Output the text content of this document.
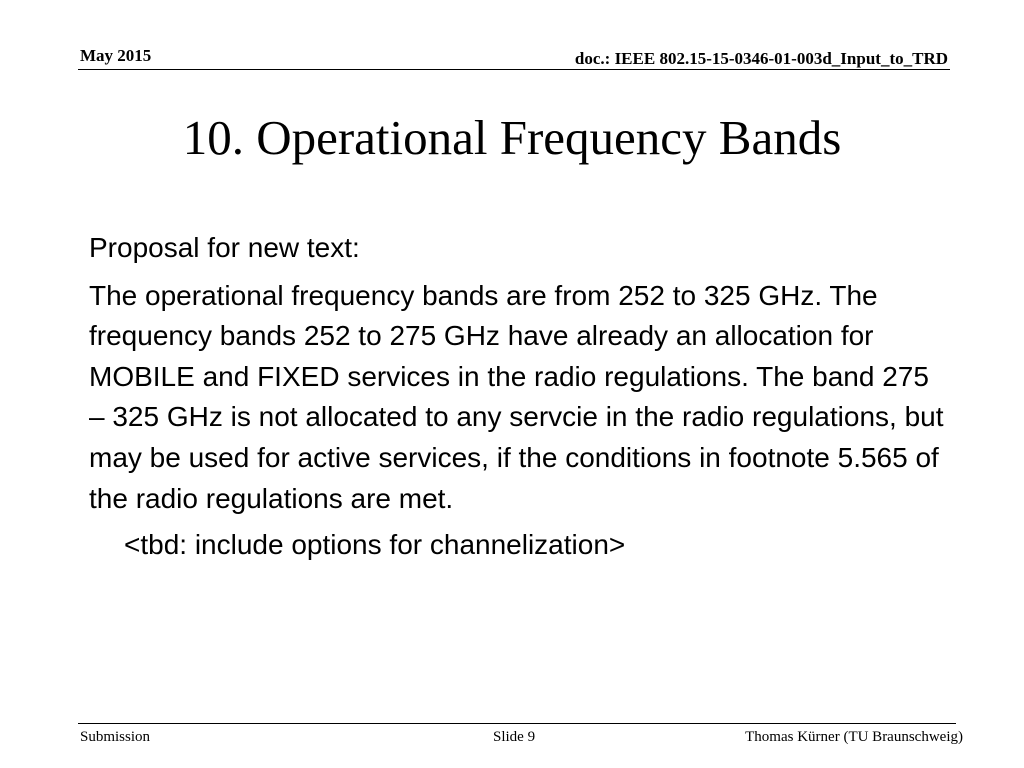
May 2015	doc.: IEEE 802.15-15-0346-01-003d_Input_to_TRD
10. Operational Frequency Bands

Proposal for new text:

The operational frequency bands are from 252 to 325 GHz. The frequency bands 252 to 275 GHz have already an allocation for MOBILE and FIXED services in the radio regulations. The band 275 – 325 GHz is not allocated to any servcie in the radio regulations, but may be used for active services, if the conditions in footnote 5.565 of the radio regulations are met.

<tbd: include options for channelization>

Submission	Slide 9	Thomas Kürner (TU Braunschweig)
